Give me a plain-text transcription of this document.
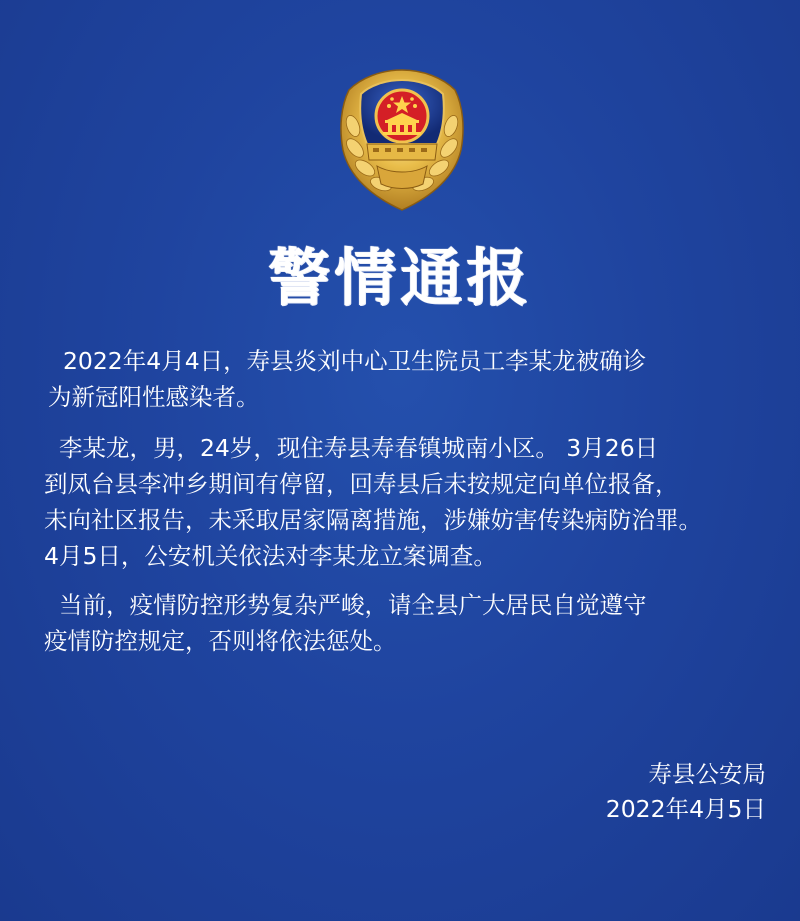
警情通报
2022年4月4日，寿县炎刘中心卫生院员工李某龙被确诊
为新冠阳性感染者。
李某龙，男，24岁，现住寿县寿春镇城南小区。 3月26日
到凤台县李冲乡期间有停留，回寿县后未按规定向单位报备，
未向社区报告，未采取居家隔离措施，涉嫌妨害传染病防治罪。
4月5日，公安机关依法对李某龙立案调查。
当前，疫情防控形势复杂严峻，请全县广大居民自觉遵守
疫情防控规定，否则将依法惩处。
寿县公安局
2022年4月5日
